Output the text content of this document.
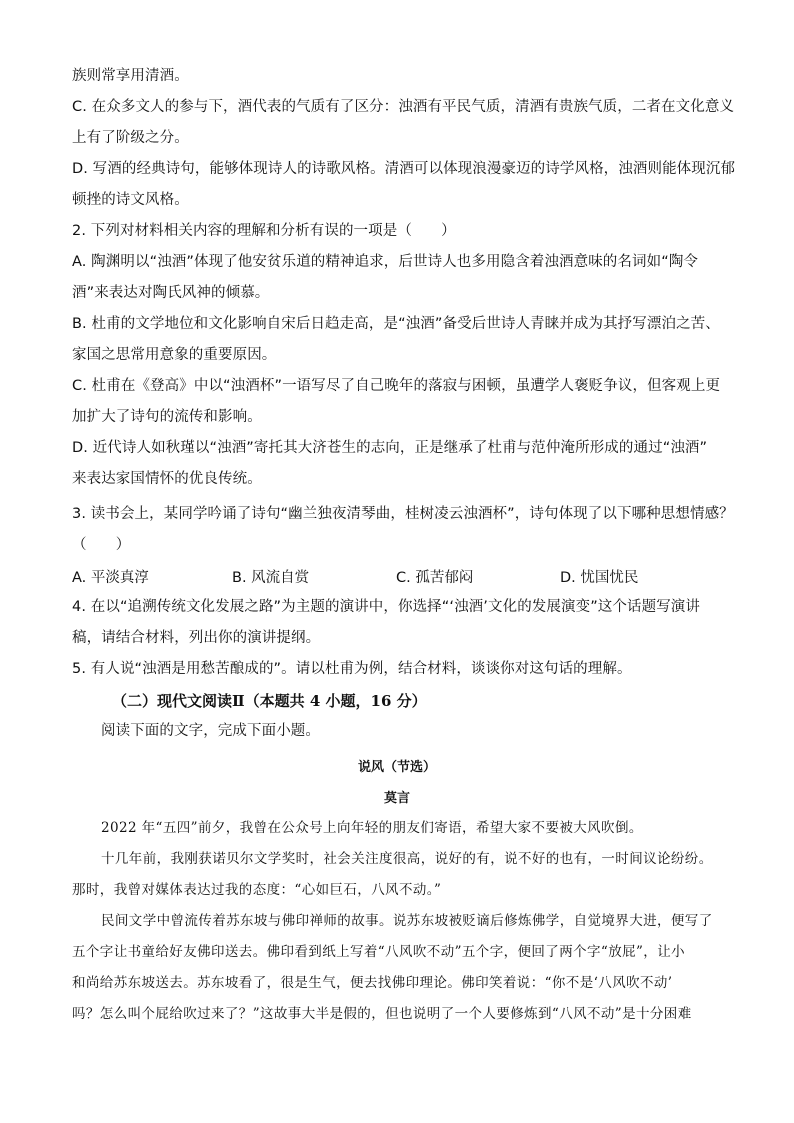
族则常享用清酒。
C. 在众多文人的参与下，酒代表的气质有了区分：浊酒有平民气质，清酒有贵族气质，二者在文化意义
上有了阶级之分。
D. 写酒的经典诗句，能够体现诗人的诗歌风格。清酒可以体现浪漫豪迈的诗学风格，浊酒则能体现沉郁
顿挫的诗文风格。
2. 下列对材料相关内容的理解和分析有误的一项是（　　）
A. 陶渊明以“浊酒”体现了他安贫乐道的精神追求，后世诗人也多用隐含着浊酒意味的名词如“陶令
酒”来表达对陶氏风神的倾慕。
B. 杜甫的文学地位和文化影响自宋后日趋走高，是“浊酒”备受后世诗人青睐并成为其抒写漂泊之苦、
家国之思常用意象的重要原因。
C. 杜甫在《登高》中以“浊酒杯”一语写尽了自己晚年的落寂与困顿，虽遭学人褒贬争议，但客观上更
加扩大了诗句的流传和影响。
D. 近代诗人如秋瑾以“浊酒”寄托其大济苍生的志向，正是继承了杜甫与范仲淹所形成的通过“浊酒”
来表达家国情怀的优良传统。
3. 读书会上，某同学吟诵了诗句“幽兰独夜清琴曲，桂树凌云浊酒杯”，诗句体现了以下哪种思想情感？
（　　）
A. 平淡真淳	B. 风流自赏	C. 孤苦郁闷	D. 忧国忧民
4. 在以“追溯传统文化发展之路”为主题的演讲中，你选择“‘浊酒’文化的发展演变”这个话题写演讲
稿，请结合材料，列出你的演讲提纲。
5. 有人说“浊酒是用愁苦酿成的”。请以杜甫为例，结合材料，谈谈你对这句话的理解。
（二）现代文阅读Ⅱ（本题共 4 小题，16 分）
阅读下面的文字，完成下面小题。
说风（节选）
莫言
2022 年“五四”前夕，我曾在公众号上向年轻的朋友们寄语，希望大家不要被大风吹倒。
十几年前，我刚获诺贝尔文学奖时，社会关注度很高，说好的有，说不好的也有，一时间议论纷纷。
那时，我曾对媒体表达过我的态度：“心如巨石，八风不动。”
民间文学中曾流传着苏东坡与佛印禅师的故事。说苏东坡被贬谪后修炼佛学，自觉境界大进，便写了
五个字让书童给好友佛印送去。佛印看到纸上写着“八风吹不动”五个字，便回了两个字“放屁”，让小
和尚给苏东坡送去。苏东坡看了，很是生气，便去找佛印理论。佛印笑着说：“你不是‘八风吹不动’
吗？怎么叫个屁给吹过来了？”这故事大半是假的，但也说明了一个人要修炼到“八风不动”是十分困难
